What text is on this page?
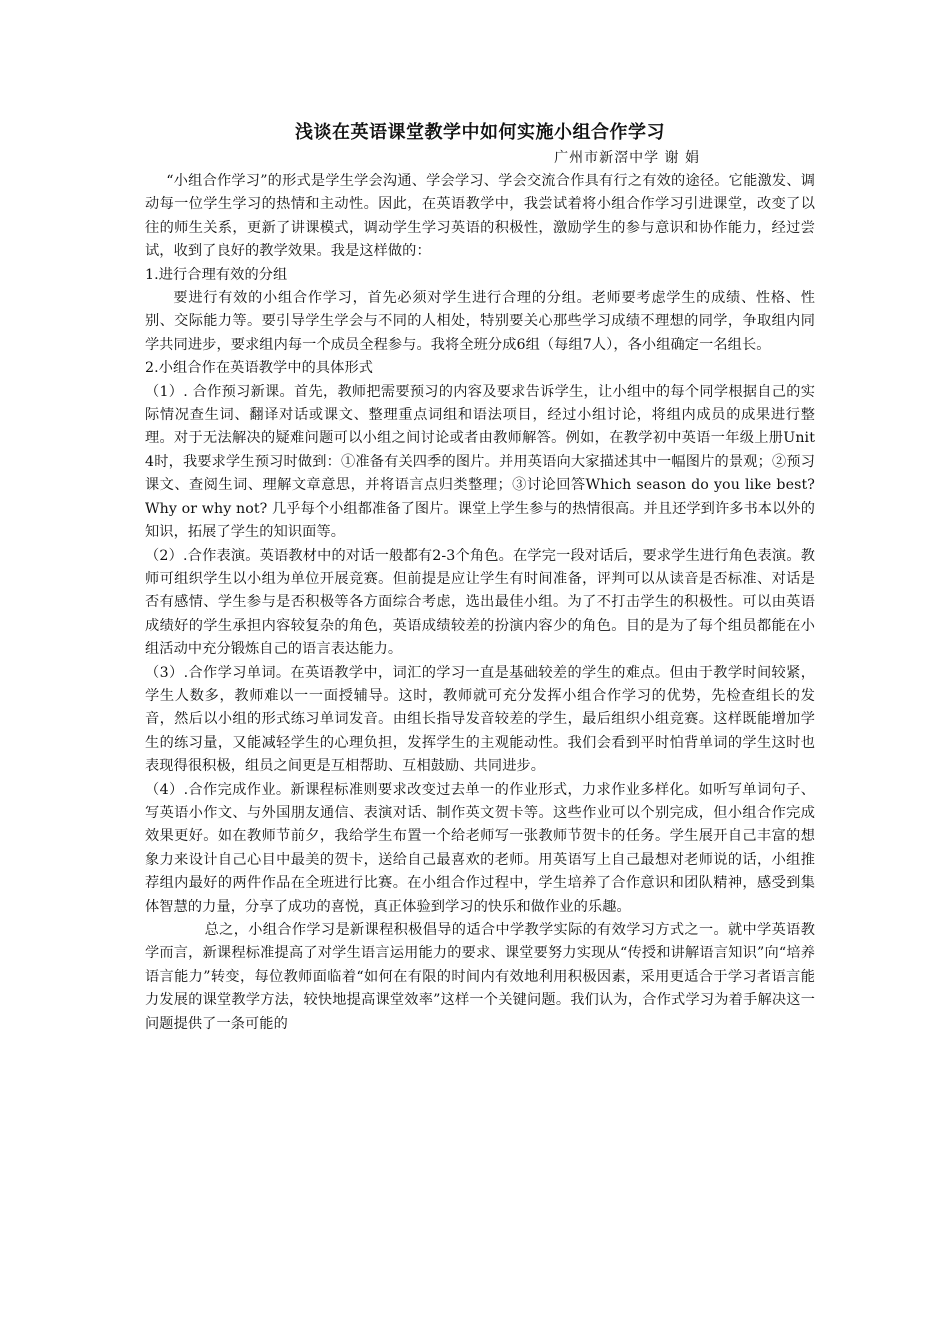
浅谈在英语课堂教学中如何实施小组合作学习
广州市新滘中学 谢 娟

“小组合作学习”的形式是学生学会沟通、学会学习、学会交流合作具有行之有效的途径。它能激发、调动每一位学生学习的热情和主动性。因此，在英语教学中，我尝试着将小组合作学习引进课堂，改变了以往的师生关系，更新了讲课模式，调动学生学习英语的积极性，激励学生的参与意识和协作能力，经过尝试，收到了良好的教学效果。我是这样做的：

1.进行合理有效的分组

要进行有效的小组合作学习，首先必须对学生进行合理的分组。老师要考虑学生的成绩、性格、性别、交际能力等。要引导学生学会与不同的人相处，特别要关心那些学习成绩不理想的同学，争取组内同学共同进步，要求组内每一个成员全程参与。我将全班分成6组（每组7人），各小组确定一名组长。

2.小组合作在英语教学中的具体形式

（1）. 合作预习新课。首先，教师把需要预习的内容及要求告诉学生，让小组中的每个同学根据自己的实际情况查生词、翻译对话或课文、整理重点词组和语法项目，经过小组讨论，将组内成员的成果进行整理。对于无法解决的疑难问题可以小组之间讨论或者由教师解答。例如，在教学初中英语一年级上册Unit 4时，我要求学生预习时做到：①准备有关四季的图片。并用英语向大家描述其中一幅图片的景观；②预习课文、查阅生词、理解文章意思，并将语言点归类整理；③讨论回答Which season do you like best? Why or why not? 几乎每个小组都准备了图片。课堂上学生参与的热情很高。并且还学到许多书本以外的知识，拓展了学生的知识面等。

（2）.合作表演。英语教材中的对话一般都有2-3个角色。在学完一段对话后，要求学生进行角色表演。教师可组织学生以小组为单位开展竞赛。但前提是应让学生有时间准备，评判可以从读音是否标准、对话是否有感情、学生参与是否积极等各方面综合考虑，选出最佳小组。为了不打击学生的积极性。可以由英语成绩好的学生承担内容较复杂的角色，英语成绩较差的扮演内容少的角色。目的是为了每个组员都能在小组活动中充分锻炼自己的语言表达能力。

（3）.合作学习单词。在英语教学中，词汇的学习一直是基础较差的学生的难点。但由于教学时间较紧，学生人数多，教师难以一一面授辅导。这时，教师就可充分发挥小组合作学习的优势，先检查组长的发音，然后以小组的形式练习单词发音。由组长指导发音较差的学生，最后组织小组竞赛。这样既能增加学生的练习量，又能减轻学生的心理负担，发挥学生的主观能动性。我们会看到平时怕背单词的学生这时也表现得很积极，组员之间更是互相帮助、互相鼓励、共同进步。

（4）.合作完成作业。新课程标准则要求改变过去单一的作业形式，力求作业多样化。如听写单词句子、写英语小作文、与外国朋友通信、表演对话、制作英文贺卡等。这些作业可以个别完成，但小组合作完成效果更好。如在教师节前夕，我给学生布置一个给老师写一张教师节贺卡的任务。学生展开自己丰富的想象力来设计自己心目中最美的贺卡，送给自己最喜欢的老师。用英语写上自己最想对老师说的话，小组推荐组内最好的两件作品在全班进行比赛。在小组合作过程中，学生培养了合作意识和团队精神，感受到集体智慧的力量，分享了成功的喜悦，真正体验到学习的快乐和做作业的乐趣。

总之，小组合作学习是新课程积极倡导的适合中学教学实际的有效学习方式之一。就中学英语教学而言，新课程标准提高了对学生语言运用能力的要求、课堂要努力实现从“传授和讲解语言知识”向“培养语言能力”转变，每位教师面临着“如何在有限的时间内有效地利用积极因素，采用更适合于学习者语言能力发展的课堂教学方法，较快地提高课堂效率”这样一个关键问题。我们认为，合作式学习为着手解决这一问题提供了一条可能的
